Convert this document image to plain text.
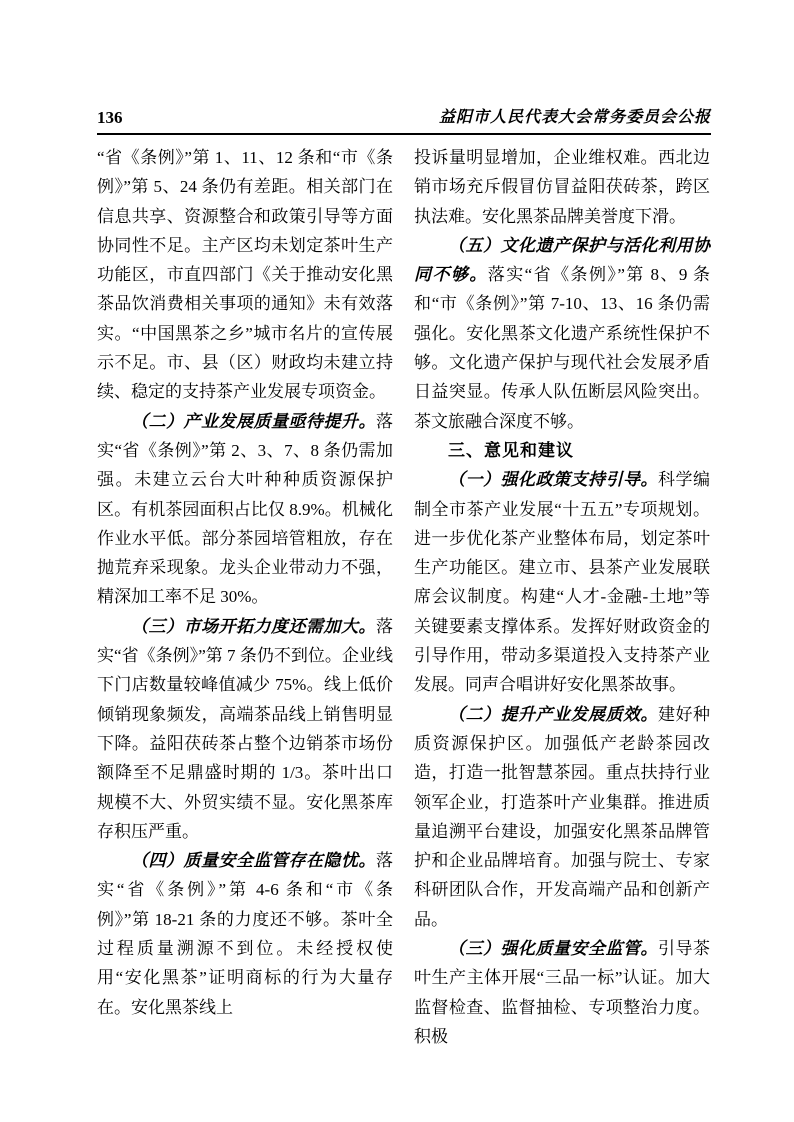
136	益阳市人民代表大会常务委员会公报

“省《条例》”第 1、11、12 条和“市《条例》”第 5、24 条仍有差距。相关部门在信息共享、资源整合和政策引导等方面协同性不足。主产区均未划定茶叶生产功能区，市直四部门《关于推动安化黑茶品饮消费相关事项的通知》未有效落实。“中国黑茶之乡”城市名片的宣传展示不足。市、县（区）财政均未建立持续、稳定的支持茶产业发展专项资金。

（二）产业发展质量亟待提升。落实“省《条例》”第 2、3、7、8 条仍需加强。未建立云台大叶种种质资源保护区。有机茶园面积占比仅 8.9%。机械化作业水平低。部分茶园培管粗放，存在抛荒弃采现象。龙头企业带动力不强，精深加工率不足 30%。

（三）市场开拓力度还需加大。落实“省《条例》”第 7 条仍不到位。企业线下门店数量较峰值减少 75%。线上低价倾销现象频发，高端茶品线上销售明显下降。益阳茯砖茶占整个边销茶市场份额降至不足鼎盛时期的 1/3。茶叶出口规模不大、外贸实绩不显。安化黑茶库存积压严重。

（四）质量安全监管存在隐忧。落实“省《条例》”第 4-6 条和“市《条例》”第 18-21 条的力度还不够。茶叶全过程质量溯源不到位。未经授权使用“安化黑茶”证明商标的行为大量存在。安化黑茶线上

投诉量明显增加，企业维权难。西北边销市场充斥假冒仿冒益阳茯砖茶，跨区执法难。安化黑茶品牌美誉度下滑。

（五）文化遗产保护与活化利用协同不够。落实“省《条例》”第 8、9 条和“市《条例》”第 7-10、13、16 条仍需强化。安化黑茶文化遗产系统性保护不够。文化遗产保护与现代社会发展矛盾日益突显。传承人队伍断层风险突出。茶文旅融合深度不够。

三、意见和建议

（一）强化政策支持引导。科学编制全市茶产业发展“十五五”专项规划。进一步优化茶产业整体布局，划定茶叶生产功能区。建立市、县茶产业发展联席会议制度。构建“人才-金融-土地”等关键要素支撑体系。发挥好财政资金的引导作用，带动多渠道投入支持茶产业发展。同声合唱讲好安化黑茶故事。

（二）提升产业发展质效。建好种质资源保护区。加强低产老龄茶园改造，打造一批智慧茶园。重点扶持行业领军企业，打造茶叶产业集群。推进质量追溯平台建设，加强安化黑茶品牌管护和企业品牌培育。加强与院士、专家科研团队合作，开发高端产品和创新产品。

（三）强化质量安全监管。引导茶叶生产主体开展“三品一标”认证。加大监督检查、监督抽检、专项整治力度。积极
